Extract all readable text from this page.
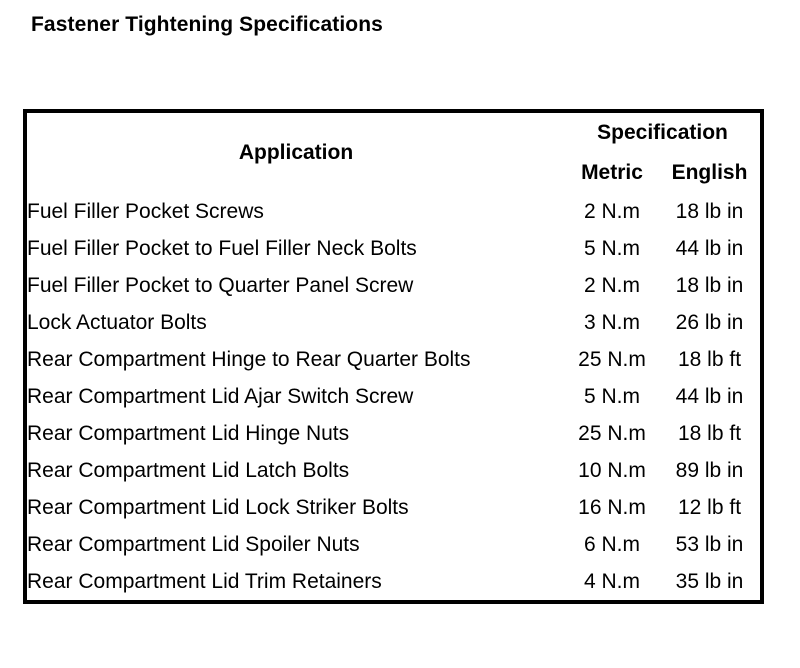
Fastener Tightening Specifications
Application	Specification	
	Metric	English
Fuel Filler Pocket Screws	2 N.m	18 lb in
Fuel Filler Pocket to Fuel Filler Neck Bolts	5 N.m	44 lb in
Fuel Filler Pocket to Quarter Panel Screw	2 N.m	18 lb in
Lock Actuator Bolts	3 N.m	26 lb in
Rear Compartment Hinge to Rear Quarter Bolts	25 N.m	18 lb ft
Rear Compartment Lid Ajar Switch Screw	5 N.m	44 lb in
Rear Compartment Lid Hinge Nuts	25 N.m	18 lb ft
Rear Compartment Lid Latch Bolts	10 N.m	89 lb in
Rear Compartment Lid Lock Striker Bolts	16 N.m	12 lb ft
Rear Compartment Lid Spoiler Nuts	6 N.m	53 lb in
Rear Compartment Lid Trim Retainers	4 N.m	35 lb in
